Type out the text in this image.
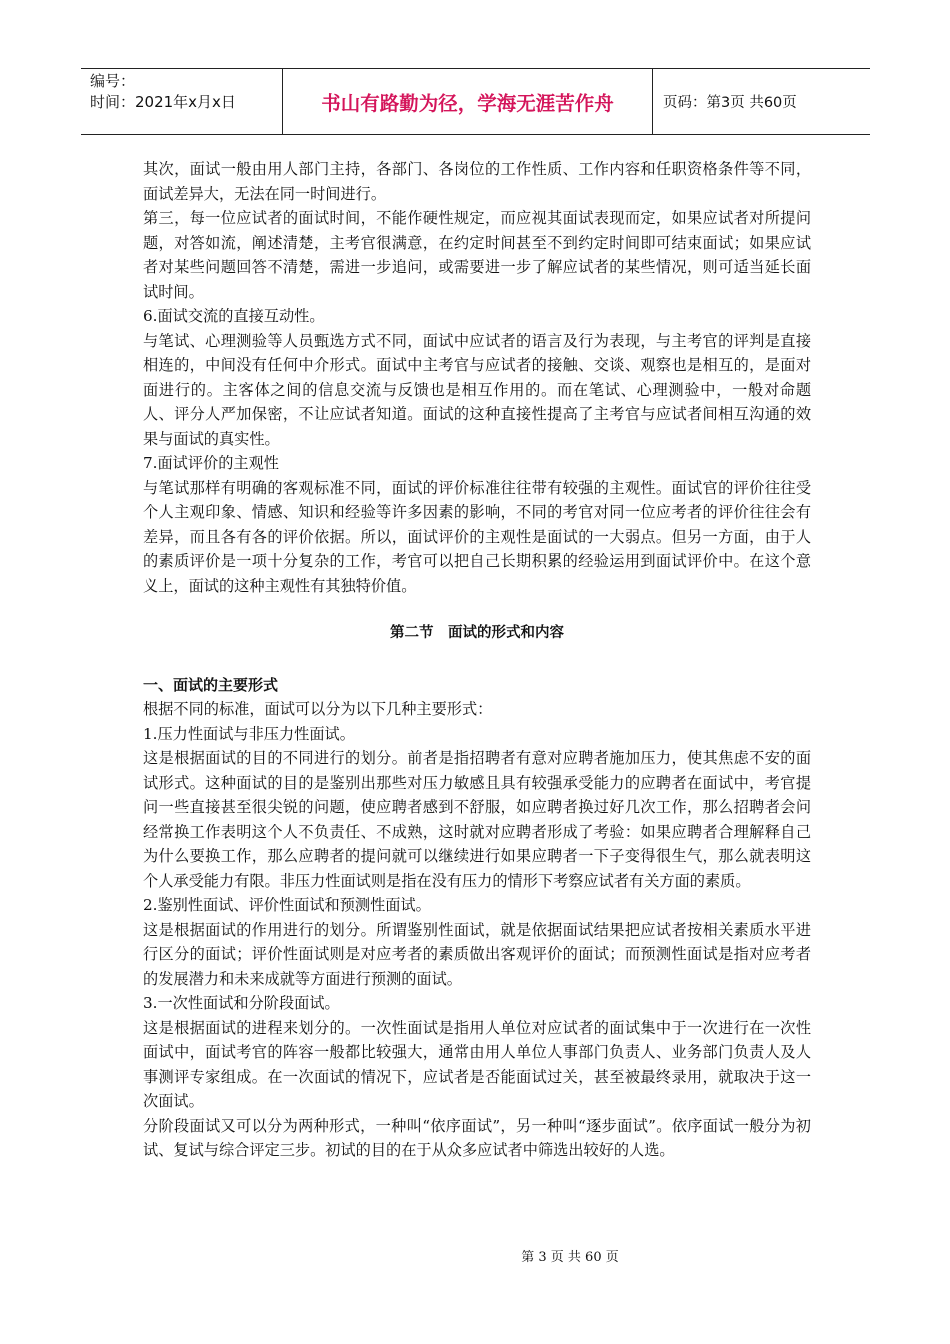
编号：
时间：2021年x月x日	书山有路勤为径，学海无涯苦作舟	页码：第3页 共60页

其次，面试一般由用人部门主持，各部门、各岗位的工作性质、工作内容和任职资格条件等不同，面试差异大，无法在同一时间进行。

第三，每一位应试者的面试时间，不能作硬性规定，而应视其面试表现而定，如果应试者对所提问题，对答如流，阐述清楚，主考官很满意，在约定时间甚至不到约定时间即可结束面试；如果应试者对某些问题回答不清楚，需进一步追问，或需要进一步了解应试者的某些情况，则可适当延长面试时间。

6.面试交流的直接互动性。

与笔试、心理测验等人员甄选方式不同，面试中应试者的语言及行为表现，与主考官的评判是直接相连的，中间没有任何中介形式。面试中主考官与应试者的接触、交谈、观察也是相互的，是面对面进行的。主客体之间的信息交流与反馈也是相互作用的。而在笔试、心理测验中，一般对命题人、评分人严加保密，不让应试者知道。面试的这种直接性提高了主考官与应试者间相互沟通的效果与面试的真实性。

7.面试评价的主观性

与笔试那样有明确的客观标准不同，面试的评价标准往往带有较强的主观性。面试官的评价往往受个人主观印象、情感、知识和经验等许多因素的影响，不同的考官对同一位应考者的评价往往会有差异，而且各有各的评价依据。所以，面试评价的主观性是面试的一大弱点。但另一方面，由于人的素质评价是一项十分复杂的工作，考官可以把自己长期积累的经验运用到面试评价中。在这个意义上，面试的这种主观性有其独特价值。

第二节　面试的形式和内容

一、面试的主要形式

根据不同的标准，面试可以分为以下几种主要形式：

1.压力性面试与非压力性面试。

这是根据面试的目的不同进行的划分。前者是指招聘者有意对应聘者施加压力，使其焦虑不安的面试形式。这种面试的目的是鉴别出那些对压力敏感且具有较强承受能力的应聘者在面试中，考官提问一些直接甚至很尖锐的问题，使应聘者感到不舒服，如应聘者换过好几次工作，那么招聘者会问经常换工作表明这个人不负责任、不成熟，这时就对应聘者形成了考验：如果应聘者合理解释自己为什么要换工作，那么应聘者的提问就可以继续进行如果应聘者一下子变得很生气，那么就表明这个人承受能力有限。非压力性面试则是指在没有压力的情形下考察应试者有关方面的素质。

2.鉴别性面试、评价性面试和预测性面试。

这是根据面试的作用进行的划分。所谓鉴别性面试，就是依据面试结果把应试者按相关素质水平进行区分的面试；评价性面试则是对应考者的素质做出客观评价的面试；而预测性面试是指对应考者的发展潜力和未来成就等方面进行预测的面试。

3.一次性面试和分阶段面试。

这是根据面试的进程来划分的。一次性面试是指用人单位对应试者的面试集中于一次进行在一次性面试中，面试考官的阵容一般都比较强大，通常由用人单位人事部门负责人、业务部门负责人及人事测评专家组成。在一次面试的情况下，应试者是否能面试过关，甚至被最终录用，就取决于这一次面试。

分阶段面试又可以分为两种形式，一种叫“依序面试”，另一种叫“逐步面试”。依序面试一般分为初试、复试与综合评定三步。初试的目的在于从众多应试者中筛选出较好的人选。

第 3 页 共 60 页
